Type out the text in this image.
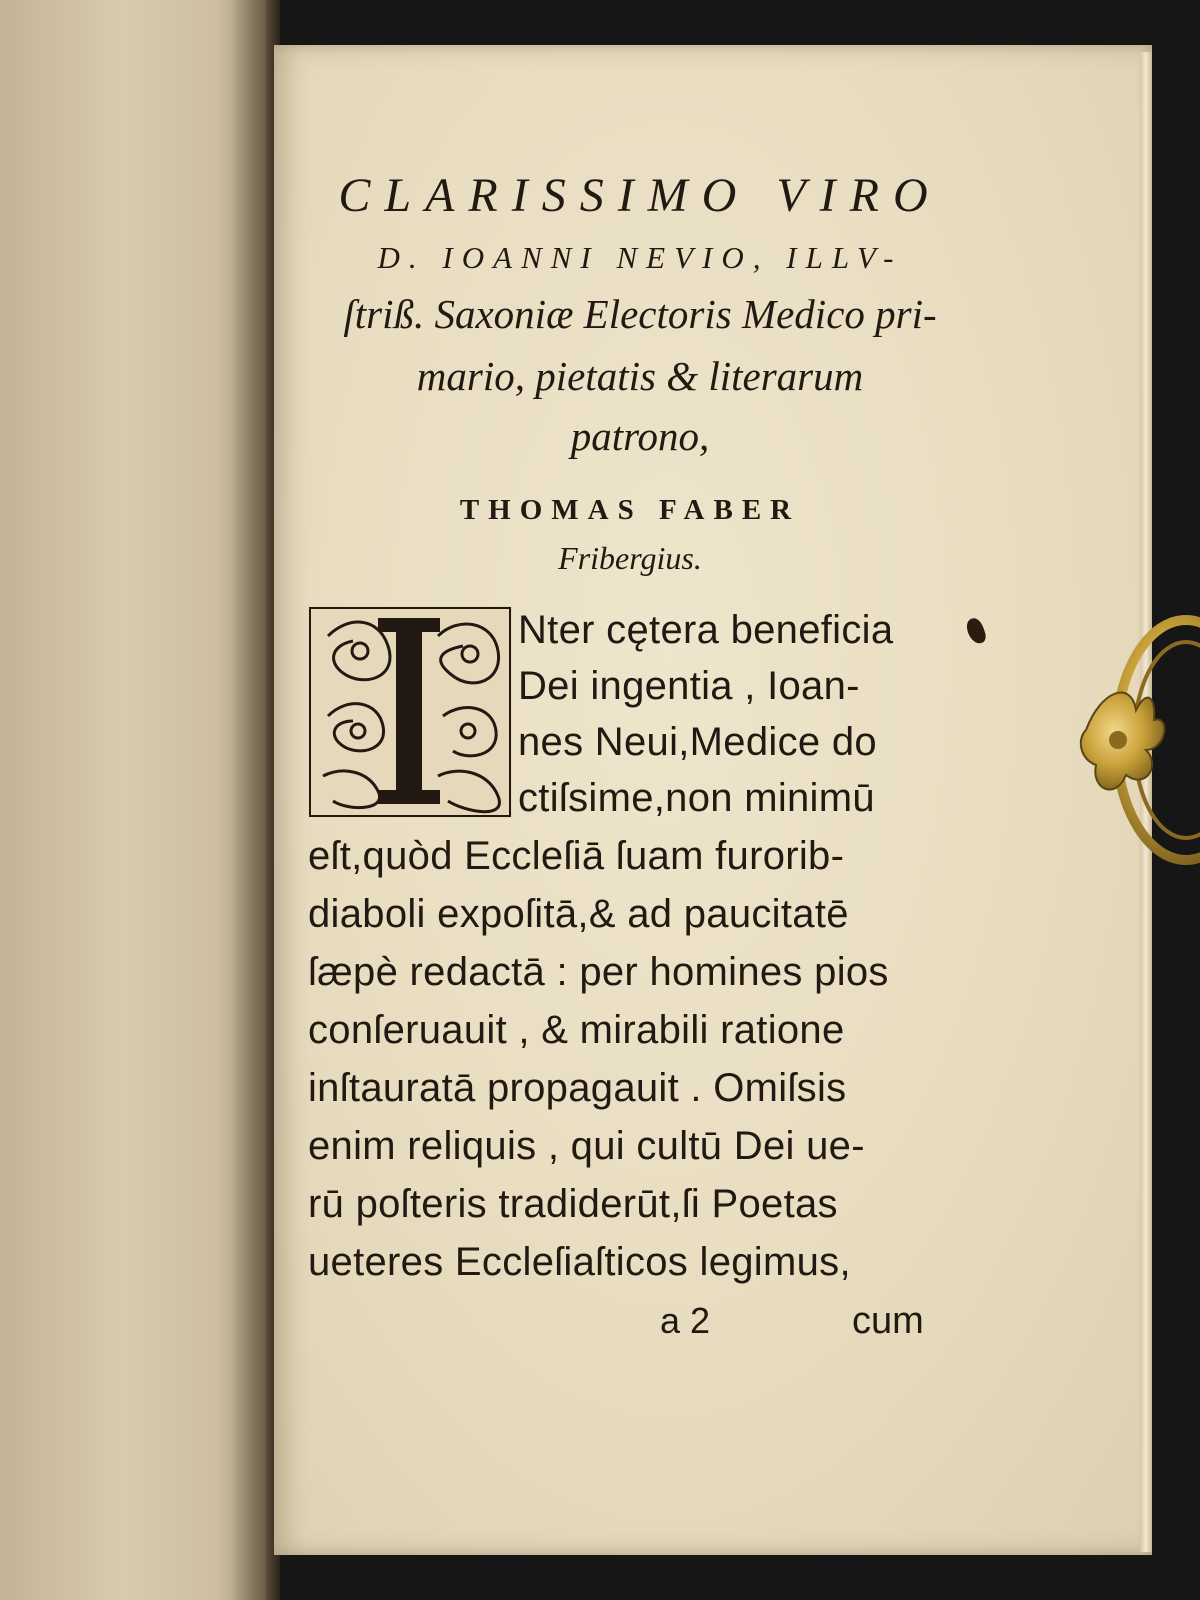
CLARISSIMO VIRO
D. IOANNI NEVIO, ILLV-
ſtriß. Saxoniæ Electoris Medico pri-
mario, pietatis & literarum
patrono,
THOMAS FABER
Fribergius.
Nter cętera beneficia
Dei ingentia , Ioan-
nes Neui,Medice do
ctiſsime,non minimū
eſt,quòd Eccleſiā ſuam furorib-
diaboli expoſitā,& ad paucitatē
ſæpè redactā : per homines pios
conſeruauit , & mirabili ratione
inſtauratā propagauit . Omiſsis
enim reliquis , qui cultū Dei ue-
rū poſteris tradiderūt,ſi Poetas
ueteres Eccleſiaſticos legimus,
a 2	cum
